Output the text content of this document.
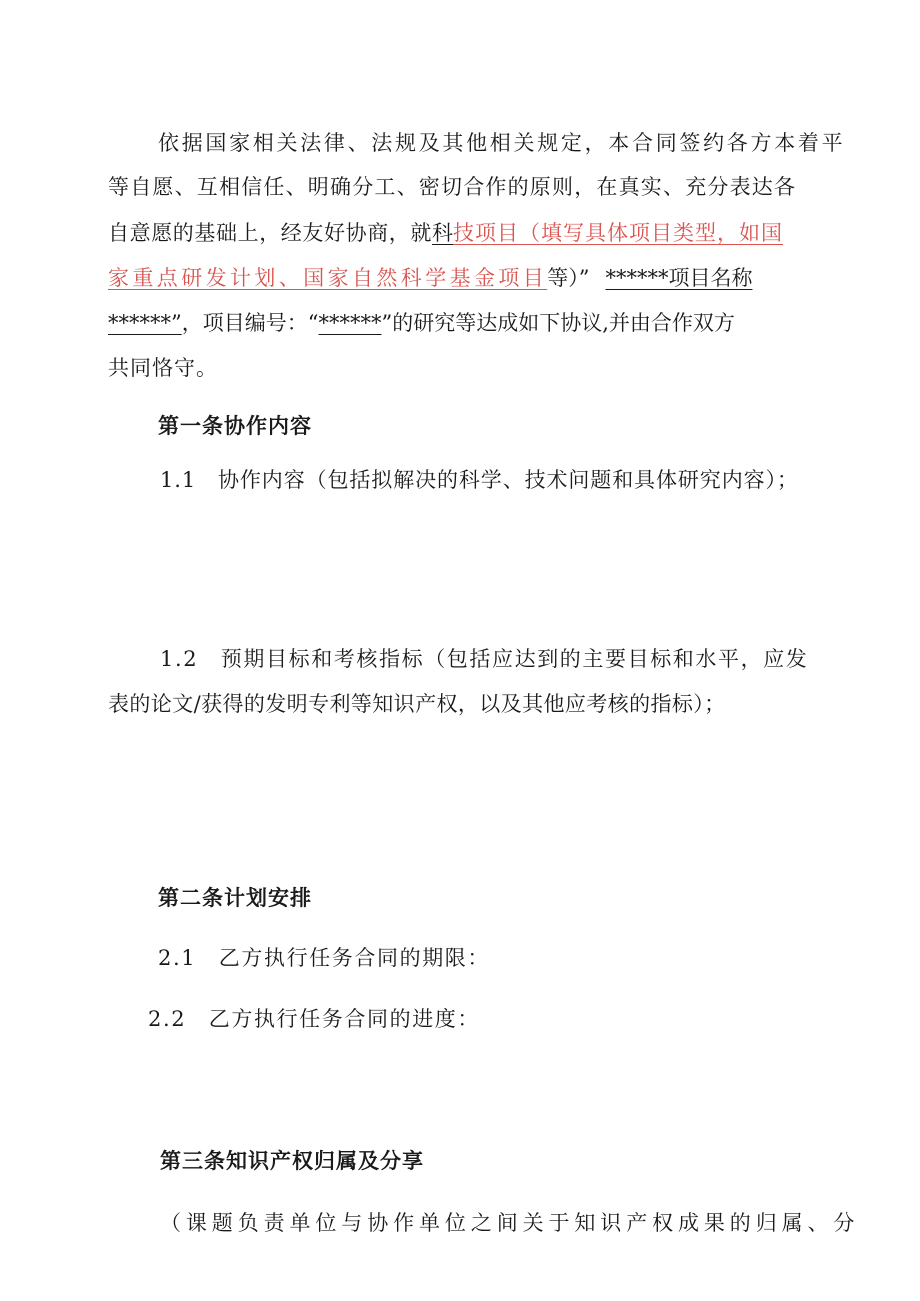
依据国家相关法律、法规及其他相关规定，本合同签约各方本着平
等自愿、互相信任、明确分工、密切合作的原则，在真实、充分表达各
自意愿的基础上，经友好协商，就科技项目（填写具体项目类型，如国
家重点研发计划、国家自然科学基金项目等）” ******项目名称
******”，项目编号：“******”的研究等达成如下协议,并由合作双方
共同恪守。
第一条协作内容
1.1　协作内容（包括拟解决的科学、技术问题和具体研究内容）；
1.2　预期目标和考核指标（包括应达到的主要目标和水平，应发
表的论文/获得的发明专利等知识产权，以及其他应考核的指标）；
第二条计划安排
2.1　乙方执行任务合同的期限：
2.2　乙方执行任务合同的进度：
第三条知识产权归属及分享
（课题负责单位与协作单位之间关于知识产权成果的归属、分
